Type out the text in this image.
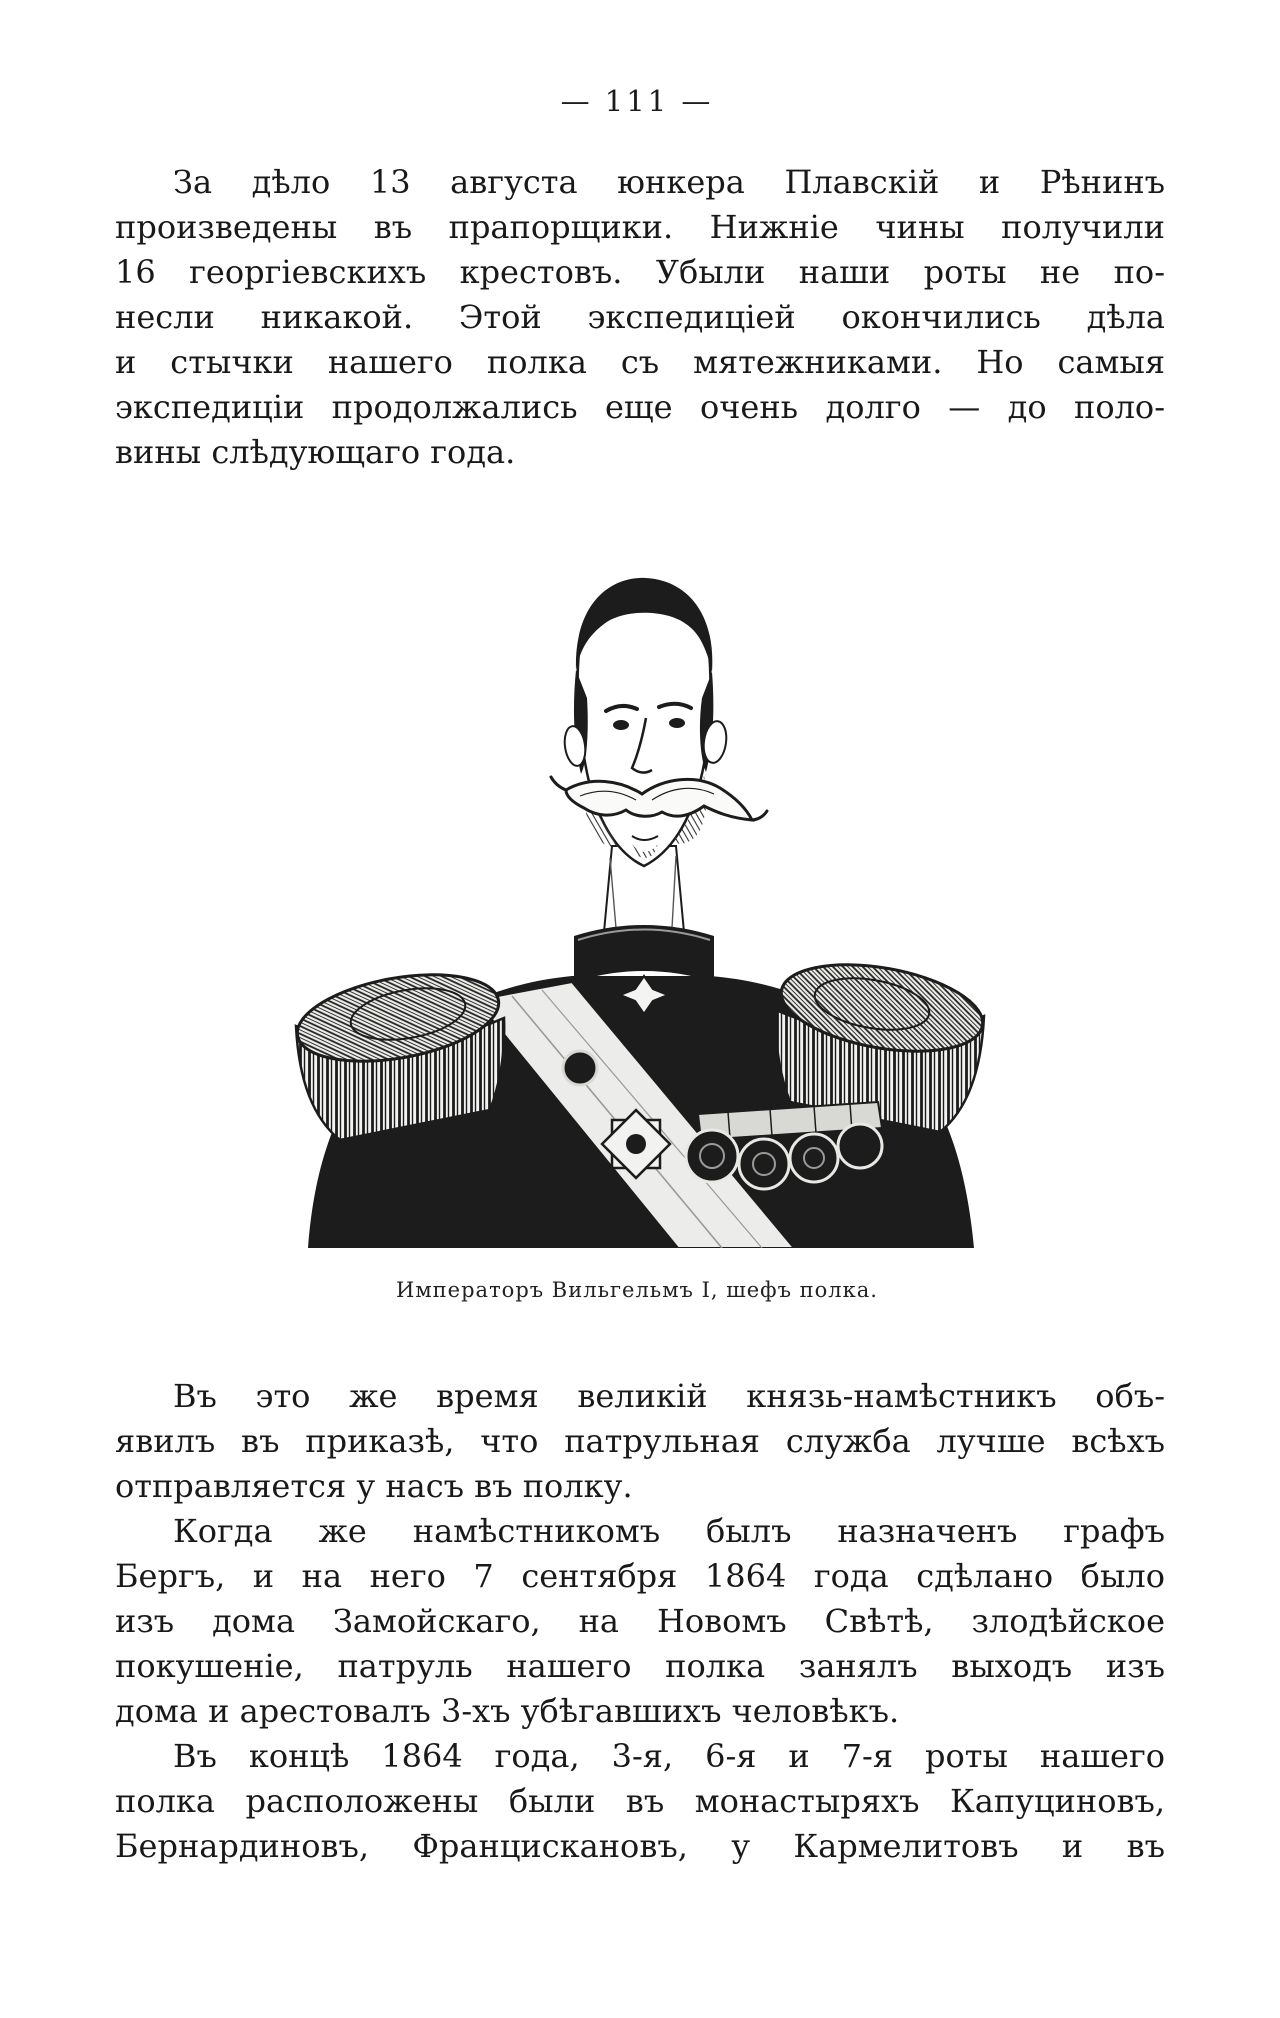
— 111 —
За дѣло 13 августа юнкера Плавскій и Рѣнинъ
произведены въ прапорщики. Нижніе чины получили
16 георгіевскихъ крестовъ. Убыли наши роты не по-
несли никакой. Этой экспедиціей окончились дѣла
и стычки нашего полка съ мятежниками. Но самыя
экспедиціи продолжались еще очень долго — до поло-
вины слѣдующаго года.
Императоръ Вильгельмъ I, шефъ полка.
Въ это же время великій князь-намѣстникъ объ-
явилъ въ приказѣ, что патрульная служба лучше всѣхъ
отправляется у насъ въ полку.
Когда же намѣстникомъ былъ назначенъ графъ
Бергъ, и на него 7 сентября 1864 года сдѣлано было
изъ дома Замойскаго, на Новомъ Свѣтѣ, злодѣйское
покушеніе, патруль нашего полка занялъ выходъ изъ
дома и арестовалъ 3-хъ убѣгавшихъ человѣкъ.
Въ концѣ 1864 года, 3-я, 6-я и 7-я роты нашего
полка расположены были въ монастыряхъ Капуциновъ,
Бернардиновъ, Францискановъ, у Кармелитовъ и въ
